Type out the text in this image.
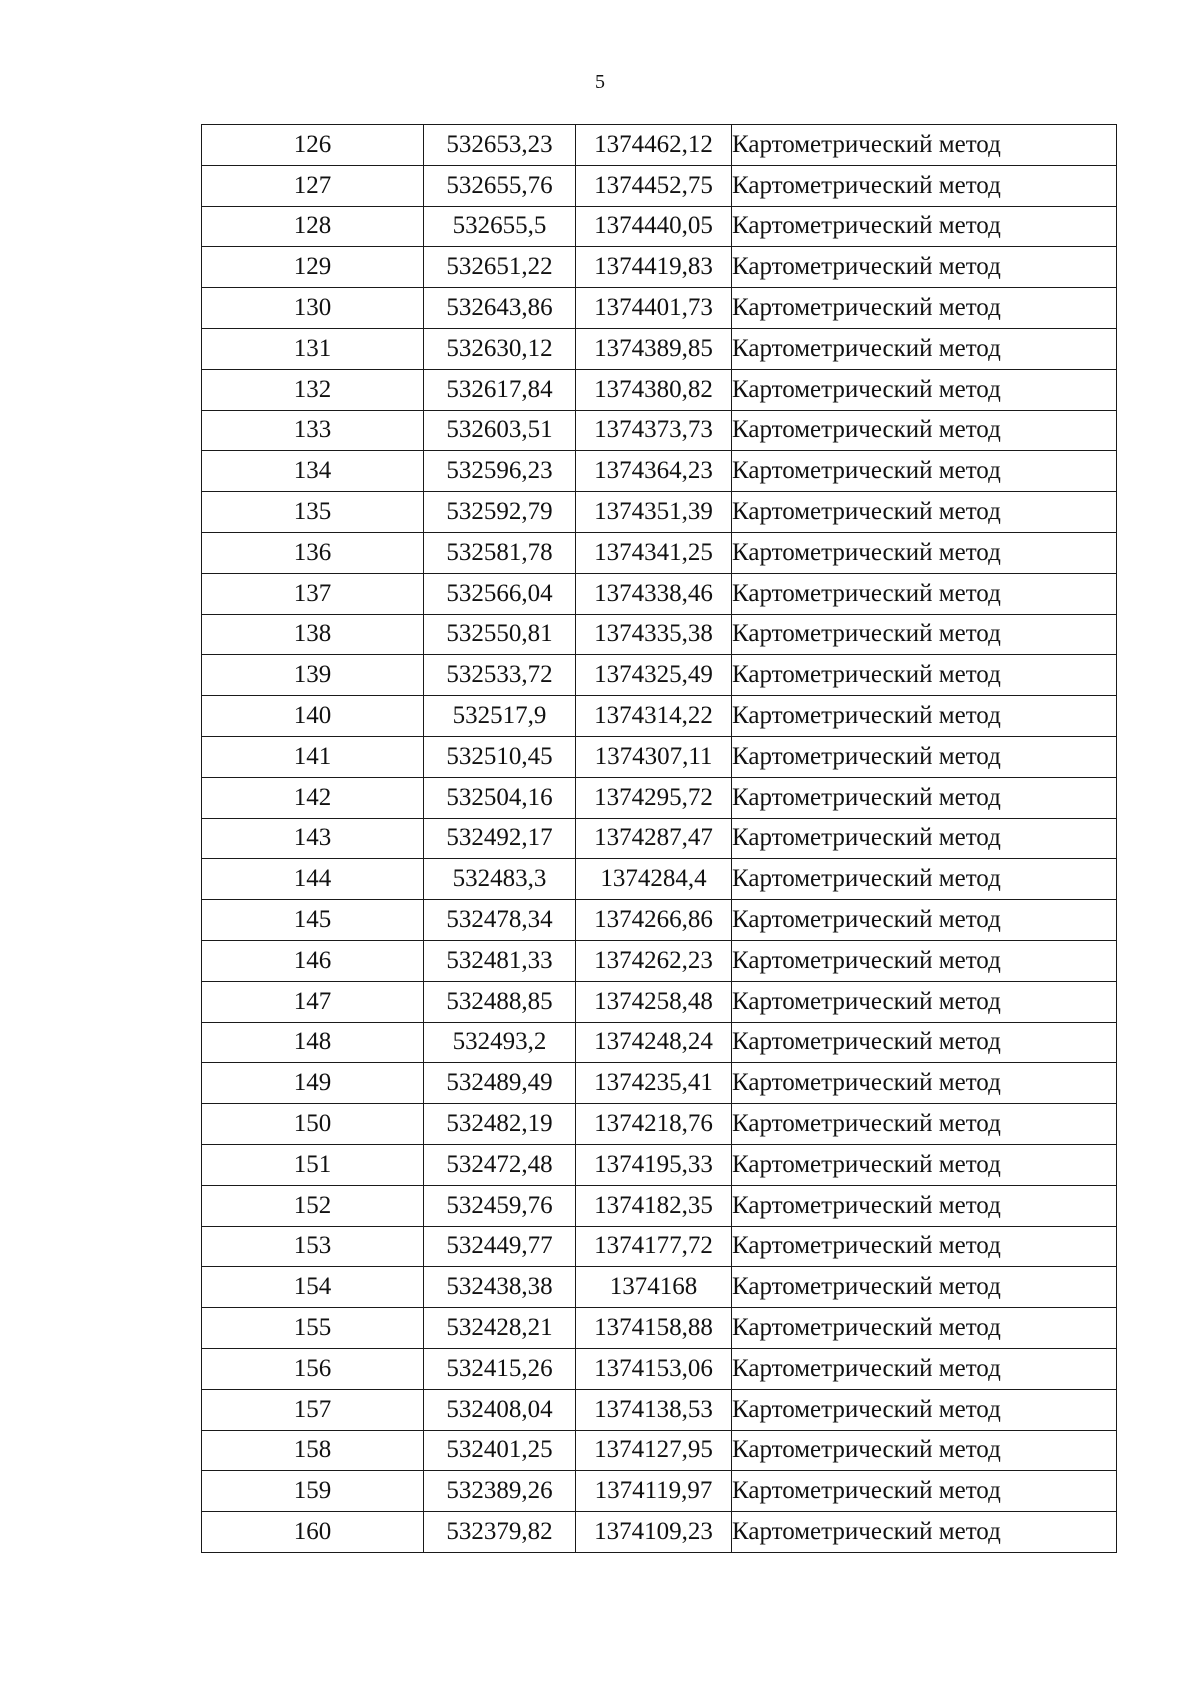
5
126	532653,23	1374462,12	Картометрический метод
127	532655,76	1374452,75	Картометрический метод
128	532655,5	1374440,05	Картометрический метод
129	532651,22	1374419,83	Картометрический метод
130	532643,86	1374401,73	Картометрический метод
131	532630,12	1374389,85	Картометрический метод
132	532617,84	1374380,82	Картометрический метод
133	532603,51	1374373,73	Картометрический метод
134	532596,23	1374364,23	Картометрический метод
135	532592,79	1374351,39	Картометрический метод
136	532581,78	1374341,25	Картометрический метод
137	532566,04	1374338,46	Картометрический метод
138	532550,81	1374335,38	Картометрический метод
139	532533,72	1374325,49	Картометрический метод
140	532517,9	1374314,22	Картометрический метод
141	532510,45	1374307,11	Картометрический метод
142	532504,16	1374295,72	Картометрический метод
143	532492,17	1374287,47	Картометрический метод
144	532483,3	1374284,4	Картометрический метод
145	532478,34	1374266,86	Картометрический метод
146	532481,33	1374262,23	Картометрический метод
147	532488,85	1374258,48	Картометрический метод
148	532493,2	1374248,24	Картометрический метод
149	532489,49	1374235,41	Картометрический метод
150	532482,19	1374218,76	Картометрический метод
151	532472,48	1374195,33	Картометрический метод
152	532459,76	1374182,35	Картометрический метод
153	532449,77	1374177,72	Картометрический метод
154	532438,38	1374168	Картометрический метод
155	532428,21	1374158,88	Картометрический метод
156	532415,26	1374153,06	Картометрический метод
157	532408,04	1374138,53	Картометрический метод
158	532401,25	1374127,95	Картометрический метод
159	532389,26	1374119,97	Картометрический метод
160	532379,82	1374109,23	Картометрический метод
